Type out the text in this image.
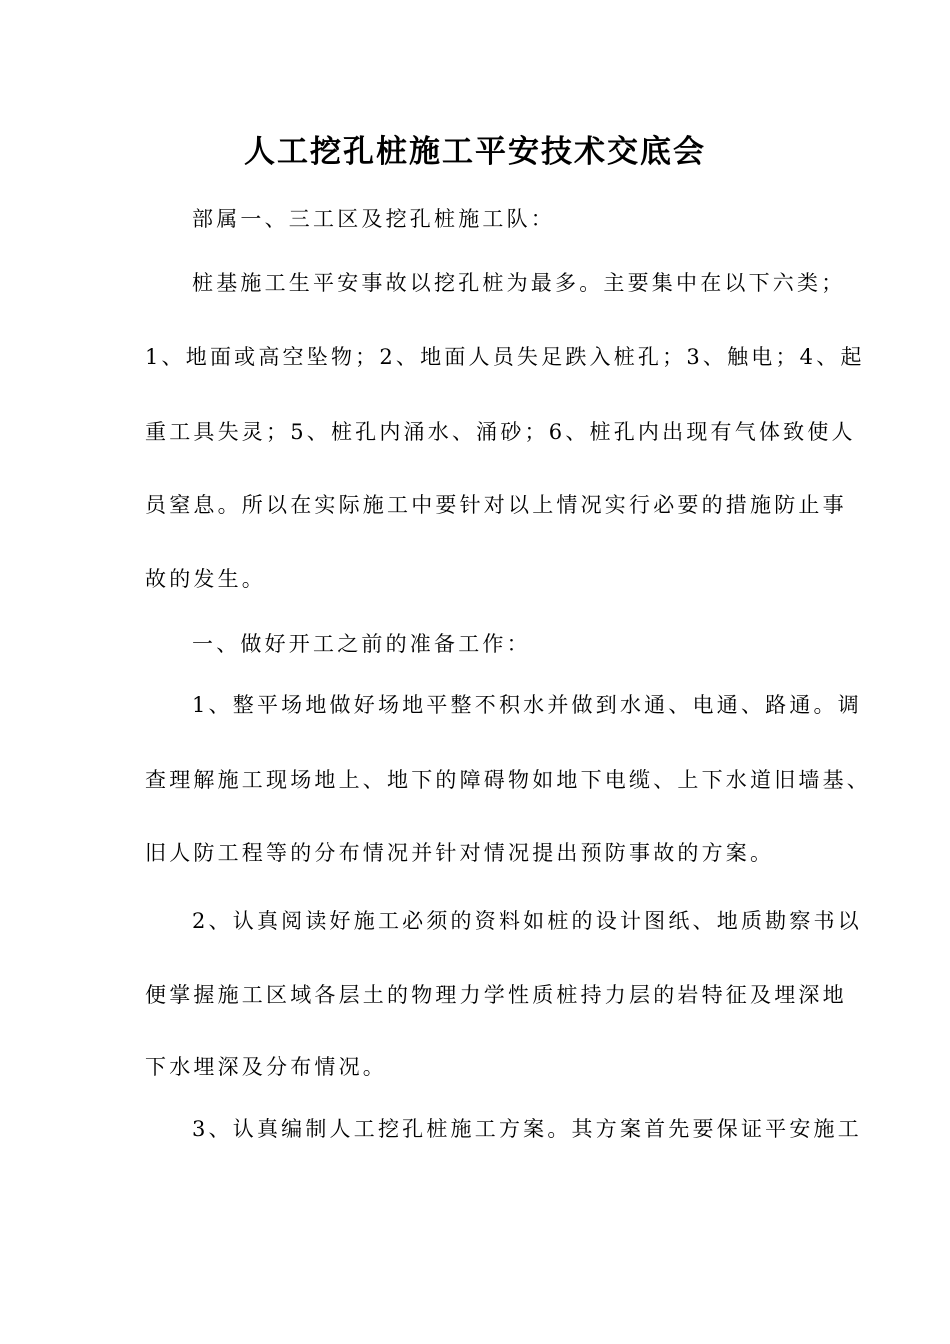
人工挖孔桩施工平安技术交底会
部属一、三工区及挖孔桩施工队：
桩基施工生平安事故以挖孔桩为最多。主要集中在以下六类；
1、地面或高空坠物；2、地面人员失足跌入桩孔；3、触电；4、起
重工具失灵；5、桩孔内涌水、涌砂；6、桩孔内出现有气体致使人
员窒息。所以在实际施工中要针对以上情况实行必要的措施防止事
故的发生。
一、做好开工之前的准备工作：
1、整平场地做好场地平整不积水并做到水通、电通、路通。调
查理解施工现场地上、地下的障碍物如地下电缆、上下水道旧墙基、
旧人防工程等的分布情况并针对情况提出预防事故的方案。
2、认真阅读好施工必须的资料如桩的设计图纸、地质勘察书以
便掌握施工区域各层土的物理力学性质桩持力层的岩特征及埋深地
下水埋深及分布情况。
3、认真编制人工挖孔桩施工方案。其方案首先要保证平安施工
